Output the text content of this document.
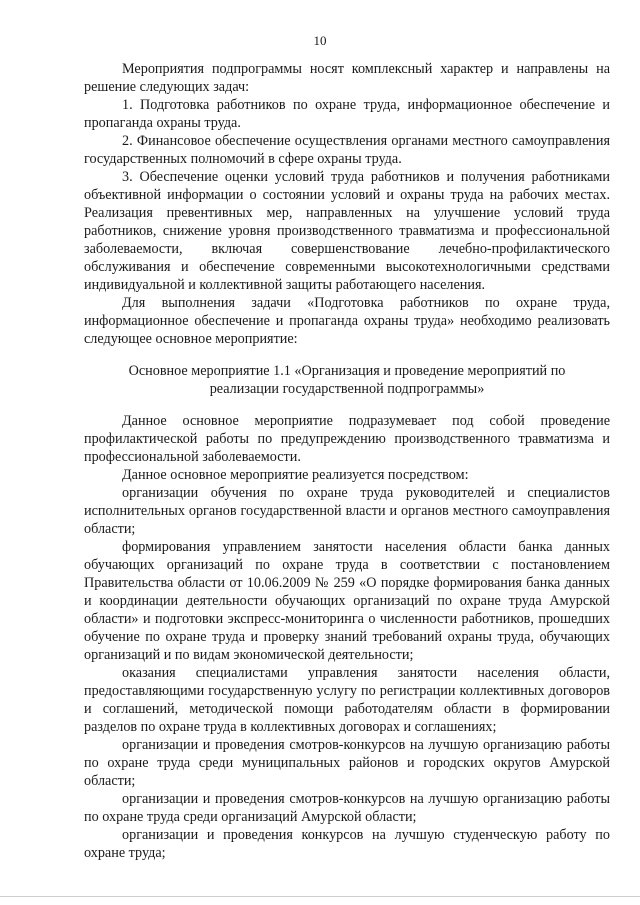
10

Мероприятия подпрограммы носят комплексный характер и направлены на решение следующих задач:

1. Подготовка работников по охране труда, информационное обеспечение и пропаганда охраны труда.

2. Финансовое обеспечение осуществления органами местного самоуправления государственных полномочий в сфере охраны труда.

3. Обеспечение оценки условий труда работников и получения работниками объективной информации о состоянии условий и охраны труда на рабочих местах. Реализация превентивных мер, направленных на улучшение условий труда работников, снижение уровня производственного травматизма и профессиональной заболеваемости, включая совершенствование лечебно-профилактического обслуживания и обеспечение современными высокотехнологичными средствами индивидуальной и коллективной защиты работающего населения.

Для выполнения задачи «Подготовка работников по охране труда, информационное обеспечение и пропаганда охраны труда» необходимо реализовать следующее основное мероприятие:

Основное мероприятие 1.1 «Организация и проведение мероприятий по реализации государственной подпрограммы»

Данное основное мероприятие подразумевает под собой проведение профилактической работы по предупреждению производственного травматизма и профессиональной заболеваемости.

Данное основное мероприятие реализуется посредством:

организации обучения по охране труда руководителей и специалистов исполнительных органов государственной власти и органов местного самоуправления области;

формирования управлением занятости населения области банка данных обучающих организаций по охране труда в соответствии с постановлением Правительства области от 10.06.2009 № 259 «О порядке формирования банка данных и координации деятельности обучающих организаций по охране труда Амурской области» и подготовки экспресс-мониторинга о численности работников, прошедших обучение по охране труда и проверку знаний требований охраны труда, обучающих организаций и по видам экономической деятельности;

оказания специалистами управления занятости населения области, предоставляющими государственную услугу по регистрации коллективных договоров и соглашений, методической помощи работодателям области в формировании разделов по охране труда в коллективных договорах и соглашениях;

организации и проведения смотров-конкурсов на лучшую организацию работы по охране труда среди муниципальных районов и городских округов Амурской области;

организации и проведения смотров-конкурсов на лучшую организацию работы по охране труда среди организаций Амурской области;

организации и проведения конкурсов на лучшую студенческую работу по охране труда;
